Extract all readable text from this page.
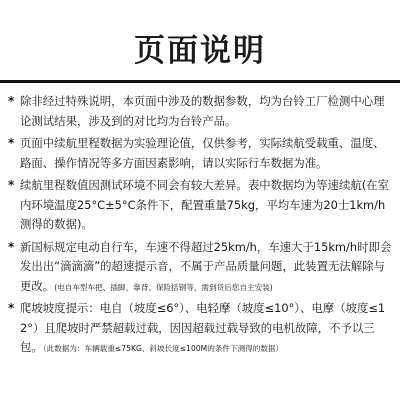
页面说明
* 除非经过特殊说明，本页面中涉及的数据参数，均为台铃工厂检测中心理论测试结果，涉及到的对比均为台铃产品。
* 页面中续航里程数据为实验理论值，仅供参考，实际续航受载重、温度、路面、操作情况等多方面因素影响，请以实际行车数据为准。
* 续航里程数值因测试环境不同会有较大差异。表中数据均为等速续航(在室内环境温度25°C±5°C条件下，配置重量75kg，平均车速为20士1km/h测得的数据)。
* 新国标规定电动自行车，车速不得超过25km/h，车速大于15km/h时即会发出出“滴滴滴”的超速提示音，不属于产品质量问题，此装置无法解除与更改。(电自车型车把、插脚、靠背、保险括钢等，需到货后您自主安装)
* 爬坡坡度提示：电自（坡度≤6°）、电轻摩（坡度≤10°）、电摩（坡度≤12°）且爬坡时严禁超载过载，因因超载过载导致的电机故障，不予以三包。（此数据为：车辆载重≤75KG、斜坡长度≤100M的条件下测得的数据）
